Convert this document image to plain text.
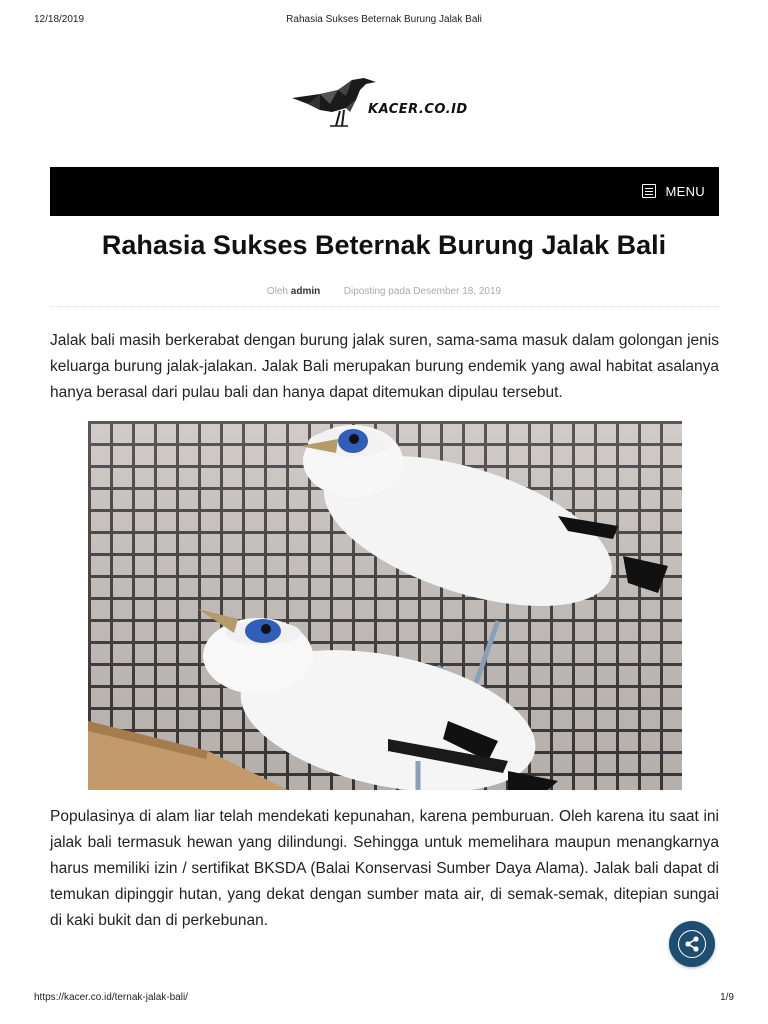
12/18/2019	Rahasia Sukses Beternak Burung Jalak Bali
KACER.CO.ID
MENU
Rahasia Sukses Beternak Burung Jalak Bali
Oleh admin Diposting pada Desember 18, 2019

Jalak bali masih berkerabat dengan burung jalak suren, sama-sama masuk dalam golongan jenis keluarga burung jalak-jalakan. Jalak Bali merupakan burung endemik yang awal habitat asalanya hanya berasal dari pulau bali dan hanya dapat ditemukan dipulau tersebut.

Populasinya di alam liar telah mendekati kepunahan, karena pemburuan. Oleh karena itu saat ini jalak bali termasuk hewan yang dilindungi. Sehingga untuk memelihara maupun menangkarnya harus memiliki izin / sertifikat BKSDA (Balai Konservasi Sumber Daya Alama). Jalak bali dapat di temukan dipinggir hutan, yang dekat dengan sumber mata air, di semak-semak, ditepian sungai di kaki bukit dan di perkebunan.

https://kacer.co.id/ternak-jalak-bali/	1/9
